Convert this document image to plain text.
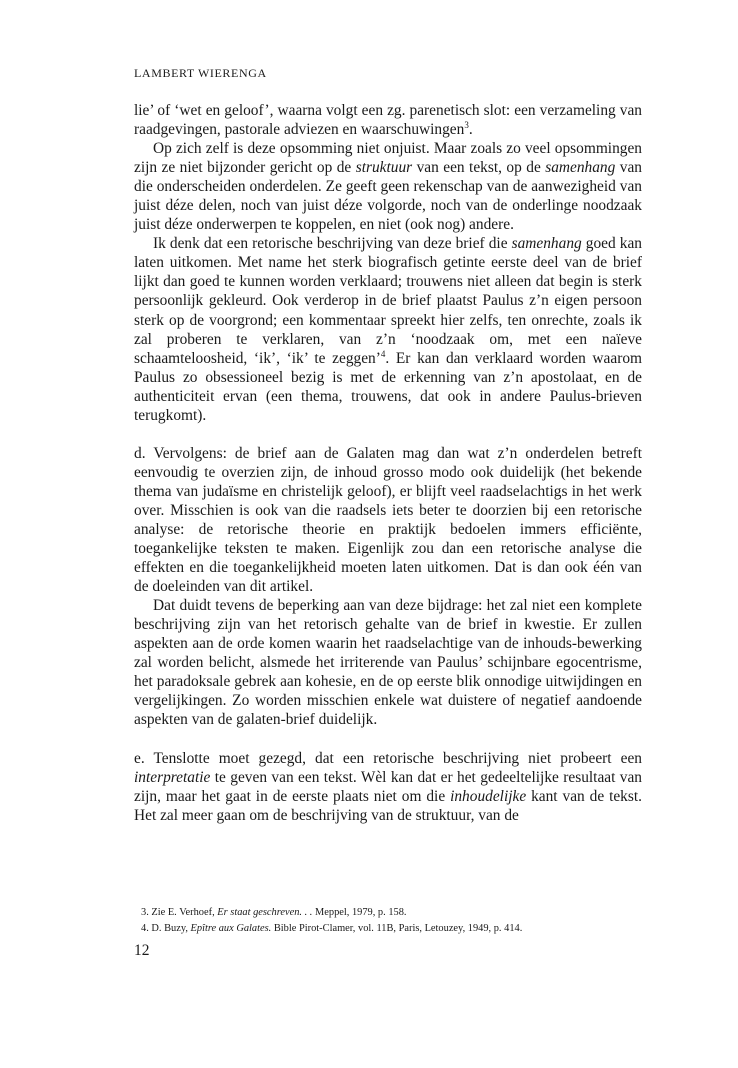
LAMBERT WIERENGA

lie’ of ‘wet en geloof’, waarna volgt een zg. parenetisch slot: een verzameling van raadgevingen, pastorale adviezen en waarschuwingen$^3$.

Op zich zelf is deze opsomming niet onjuist. Maar zoals zo veel opsommingen zijn ze niet bijzonder gericht op de struktuur van een tekst, op de samenhang van die onderscheiden onderdelen. Ze geeft geen rekenschap van de aanwezigheid van juist déze delen, noch van juist déze volgorde, noch van de onderlinge noodzaak juist déze onderwerpen te koppelen, en niet (ook nog) andere.

Ik denk dat een retorische beschrijving van deze brief die samenhang goed kan laten uitkomen. Met name het sterk biografisch getinte eerste deel van de brief lijkt dan goed te kunnen worden verklaard; trouwens niet alleen dat begin is sterk persoonlijk gekleurd. Ook verderop in de brief plaatst Paulus z’n eigen persoon sterk op de voorgrond; een kommentaar spreekt hier zelfs, ten onrechte, zoals ik zal proberen te verklaren, van z’n ‘noodzaak om, met een naïeve schaamteloosheid, ‘ik’, ‘ik’ te zeggen’$^4$. Er kan dan verklaard worden waarom Paulus zo obsessioneel bezig is met de erkenning van z’n apostolaat, en de authenticiteit ervan (een thema, trouwens, dat ook in andere Paulus-brieven terugkomt).

d. Vervolgens: de brief aan de Galaten mag dan wat z’n onderdelen betreft eenvoudig te overzien zijn, de inhoud grosso modo ook duidelijk (het bekende thema van judaïsme en christelijk geloof), er blijft veel raadselachtigs in het werk over. Misschien is ook van die raadsels iets beter te doorzien bij een retorische analyse: de retorische theorie en praktijk bedoelen immers efficiënte, toegankelijke teksten te maken. Eigenlijk zou dan een retorische analyse die effekten en die toegankelijkheid moeten laten uitkomen. Dat is dan ook één van de doeleinden van dit artikel.

Dat duidt tevens de beperking aan van deze bijdrage: het zal niet een komplete beschrijving zijn van het retorisch gehalte van de brief in kwestie. Er zullen aspekten aan de orde komen waarin het raadselachtige van de inhouds-bewerking zal worden belicht, alsmede het irriterende van Paulus’ schijnbare egocentrisme, het paradoksale gebrek aan kohesie, en de op eerste blik onnodige uitwijdingen en vergelijkingen. Zo worden misschien enkele wat duistere of negatief aandoende aspekten van de galaten-brief duidelijk.

e. Tenslotte moet gezegd, dat een retorische beschrijving niet probeert een interpretatie te geven van een tekst. Wèl kan dat er het gedeeltelijke resultaat van zijn, maar het gaat in de eerste plaats niet om die inhoudelijke kant van de tekst. Het zal meer gaan om de beschrijving van de struktuur, van de

3. Zie E. Verhoef, Er staat geschreven. . . Meppel, 1979, p. 158.

4. D. Buzy, Epître aux Galates. Bible Pirot-Clamer, vol. 11B, Paris, Letouzey, 1949, p. 414.

12
